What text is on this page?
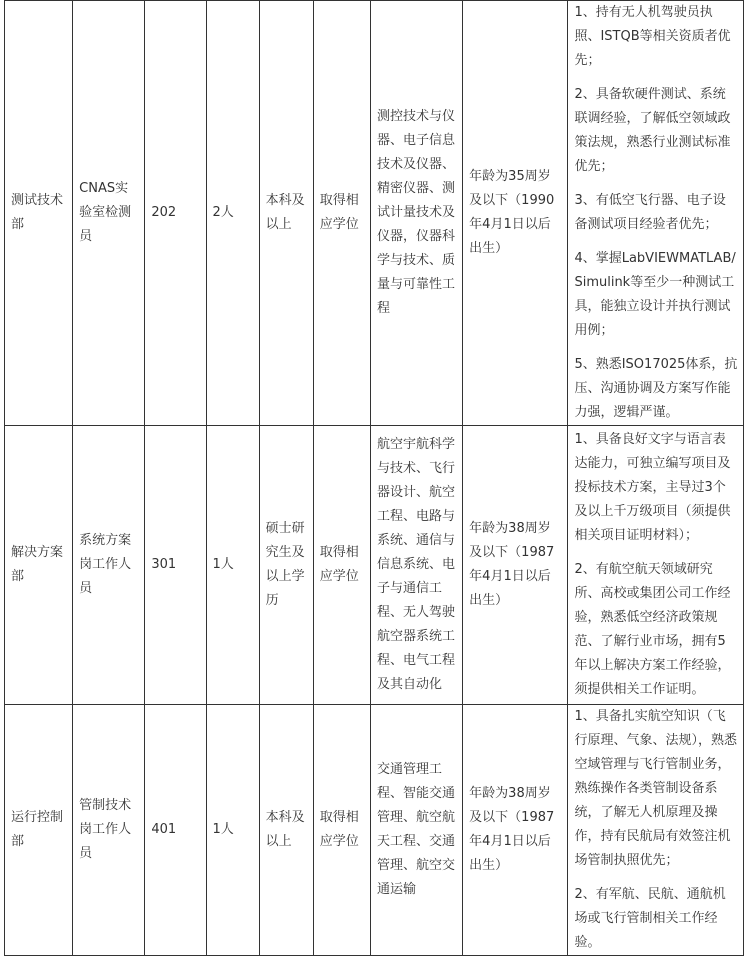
测试技术部	CNAS实验室检测员	202	2人	本科及以上	取得相应学位	测控技术与仪器、电子信息技术及仪器、精密仪器、测试计量技术及仪器，仪器科学与技术、质量与可靠性工程	年龄为35周岁及以下（1990年4月1日以后出生）	1、持有无人机驾驶员执照、ISTQB等相关资质者优先；

2、具备软硬件测试、系统联调经验，了解低空领域政策法规，熟悉行业测试标准优先；

3、有低空飞行器、电子设备测试项目经验者优先；

4、掌握LabVIEWMATLAB/Simulink等至少一种测试工具，能独立设计并执行测试用例；

5、熟悉ISO17025体系，抗压、沟通协调及方案写作能力强，逻辑严谨。

解决方案部	系统方案岗工作人员	301	1人	硕士研究生及以上学历	取得相应学位	航空宇航科学与技术、飞行器设计、航空工程、电路与系统、通信与信息系统、电子与通信工程、无人驾驶航空器系统工程、电气工程及其自动化	年龄为38周岁及以下（1987年4月1日以后出生）	1、具备良好文字与语言表达能力，可独立编写项目及投标技术方案，主导过3个及以上千万级项目（须提供相关项目证明材料）；

2、有航空航天领域研究所、高校或集团公司工作经验，熟悉低空经济政策规范、了解行业市场，拥有5年以上解决方案工作经验，须提供相关工作证明。

运行控制部	管制技术岗工作人员	401	1人	本科及以上	取得相应学位	交通管理工程、智能交通管理、航空航天工程、交通管理、航空交通运输	年龄为38周岁及以下（1987年4月1日以后出生）	1、具备扎实航空知识（飞行原理、气象、法规），熟悉空域管理与飞行管制业务，熟练操作各类管制设备系统，了解无人机原理及操作，持有民航局有效签注机场管制执照优先；

2、有军航、民航、通航机场或飞行管制相关工作经验。
